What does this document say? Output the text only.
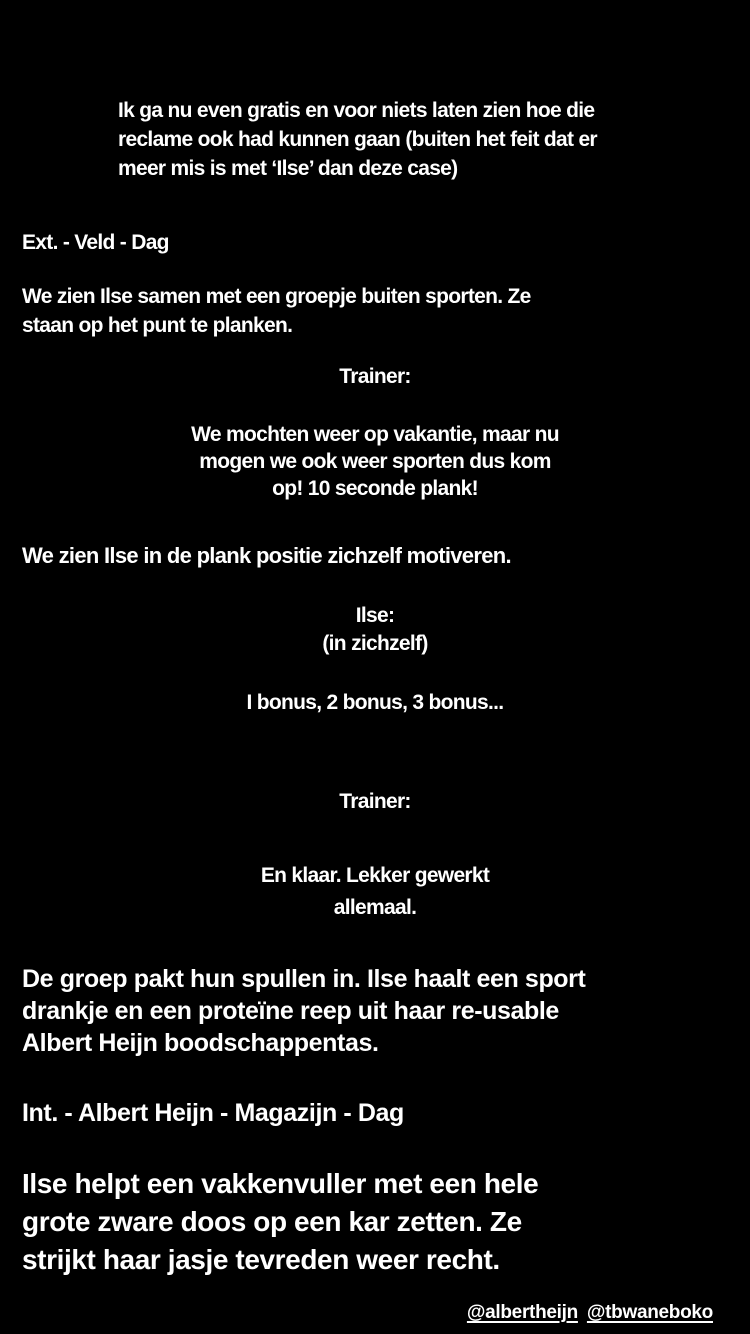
Ik ga nu even gratis en voor niets laten zien hoe die
reclame ook had kunnen gaan (buiten het feit dat er
meer mis is met ‘Ilse’ dan deze case)
Ext. - Veld - Dag
We zien Ilse samen met een groepje buiten sporten. Ze
staan op het punt te planken.
Trainer:
We mochten weer op vakantie, maar nu
mogen we ook weer sporten dus kom
op! 10 seconde plank!
We zien Ilse in de plank positie zichzelf motiveren.
Ilse:
(in zichzelf)
I bonus, 2 bonus, 3 bonus...
Trainer:
En klaar. Lekker gewerkt
allemaal.
De groep pakt hun spullen in. Ilse haalt een sport
drankje en een proteïne reep uit haar re-usable
Albert Heijn boodschappentas.
Int. - Albert Heijn - Magazijn - Dag
Ilse helpt een vakkenvuller met een hele
grote zware doos op een kar zetten. Ze
strijkt haar jasje tevreden weer recht.
@albertheijn @tbwaneboko
